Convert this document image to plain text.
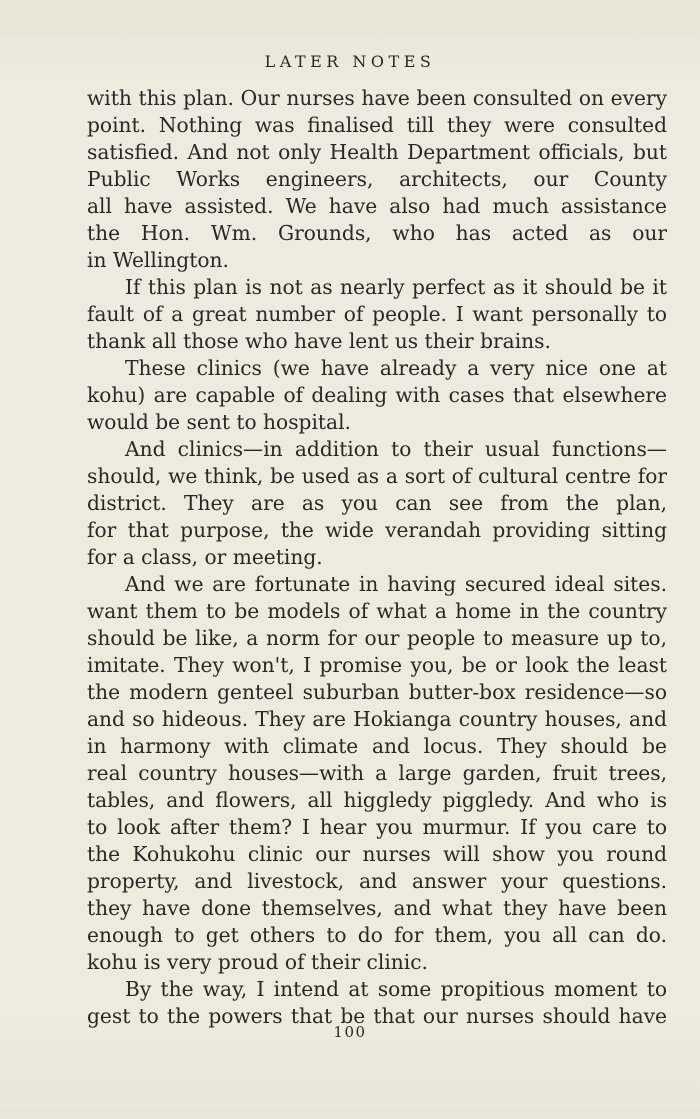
LATER NOTES
with this plan. Our nurses have been consulted on every
point. Nothing was finalised till they were consulted
satisfied. And not only Health Department officials, but
Public Works engineers, architects, our County
all have assisted. We have also had much assistance
the Hon. Wm. Grounds, who has acted as our
in Wellington.
If this plan is not as nearly perfect as it should be it
fault of a great number of people. I want personally to
thank all those who have lent us their brains.
These clinics (we have already a very nice one at
kohu) are capable of dealing with cases that elsewhere
would be sent to hospital.
And clinics—in addition to their usual functions—
should, we think, be used as a sort of cultural centre for
district. They are as you can see from the plan,
for that purpose, the wide verandah providing sitting
for a class, or meeting.
And we are fortunate in having secured ideal sites.
want them to be models of what a home in the country
should be like, a norm for our people to measure up to,
imitate. They won't, I promise you, be or look the least
the modern genteel suburban butter-box residence—so
and so hideous. They are Hokianga country houses, and
in harmony with climate and locus. They should be
real country houses—with a large garden, fruit trees,
tables, and flowers, all higgledy piggledy. And who is
to look after them? I hear you murmur. If you care to
the Kohukohu clinic our nurses will show you round
property, and livestock, and answer your questions.
they have done themselves, and what they have been
enough to get others to do for them, you all can do.
kohu is very proud of their clinic.
By the way, I intend at some propitious moment to
gest to the powers that be that our nurses should have
100
